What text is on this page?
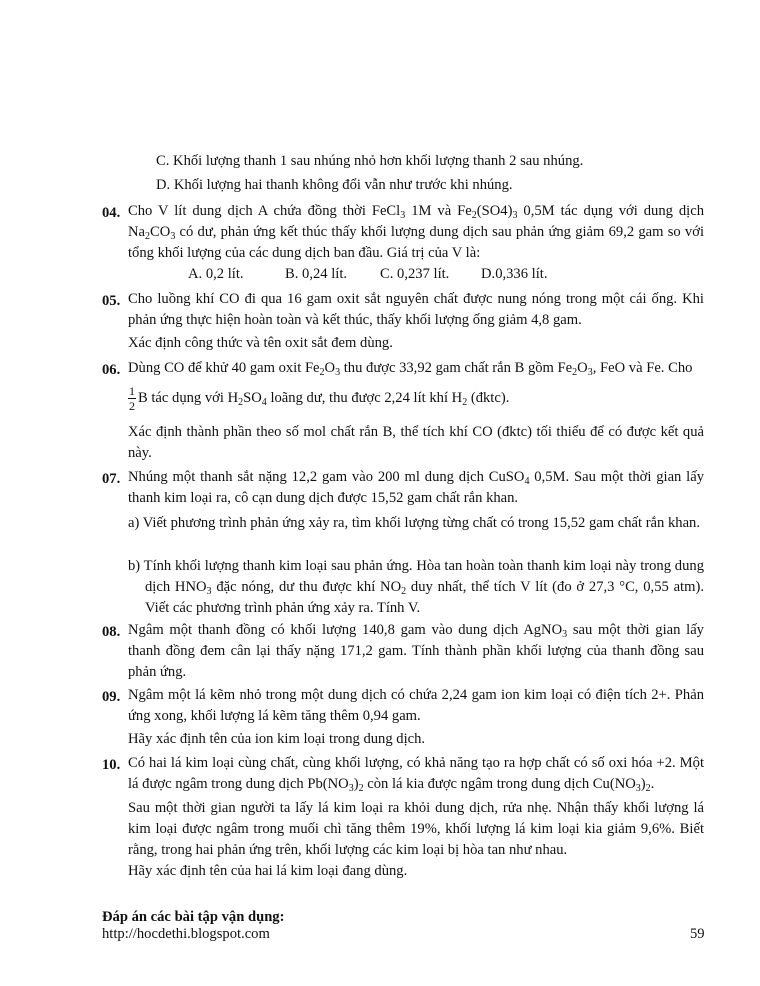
C. Khối lượng thanh 1 sau nhúng nhỏ hơn khối lượng thanh 2 sau nhúng.
D. Khối lượng hai thanh không đổi vẫn như trước khi nhúng.
04. Cho V lít dung dịch A chứa đồng thời FeCl$_3$ 1M và $Fe_2(SO4)_3$ 0,5M tác dụng với dung dịch $Na_2CO_3$ có dư, phản ứng kết thúc thấy khối lượng dung dịch sau phản ứng giảm 69,2 gam so với tổng khối lượng của các dung dịch ban đầu. Giá trị của V là:
A. 0,2 lít.	B. 0,24 lít. C. 0,237 lít. D.0,336 lít.
05. Cho luồng khí CO đi qua 16 gam oxit sắt nguyên chất được nung nóng trong một cái ống. Khi phản ứng thực hiện hoàn toàn và kết thúc, thấy khối lượng ống giảm 4,8 gam.
Xác định công thức và tên oxit sắt đem dùng.
06. Dùng CO để khử 40 gam oxit $Fe_2O_3$ thu được 33,92 gam chất rắn B gồm $Fe_2O_3$, FeO và Fe. Cho
$\frac{1}{2}$ B tác dụng với $H_2SO_4$ loãng dư, thu được 2,24 lít khí $H_2$ (đktc).
Xác định thành phần theo số mol chất rắn B, thể tích khí CO (đktc) tối thiểu để có được kết quả này.
07. Nhúng một thanh sắt nặng 12,2 gam vào 200 ml dung dịch CuSO$_4$ 0,5M. Sau một thời gian lấy thanh kim loại ra, cô cạn dung dịch được 15,52 gam chất rắn khan.
a) Viết phương trình phản ứng xảy ra, tìm khối lượng từng chất có trong 15,52 gam chất rắn khan.
b) Tính khối lượng thanh kim loại sau phản ứng. Hòa tan hoàn toàn thanh kim loại này trong dung dịch $HNO_3$ đặc nóng, dư thu được khí $NO_2$ duy nhất, thể tích V lít (đo ở 27,3 °C, 0,55 atm). Viết các phương trình phản ứng xảy ra. Tính V.
08. Ngâm một thanh đồng có khối lượng 140,8 gam vào dung dịch AgNO$_3$ sau một thời gian lấy thanh đồng đem cân lại thấy nặng 171,2 gam. Tính thành phần khối lượng của thanh đồng sau phản ứng.
09. Ngâm một lá kẽm nhỏ trong một dung dịch có chứa 2,24 gam ion kim loại có điện tích 2+. Phản ứng xong, khối lượng lá kẽm tăng thêm 0,94 gam.
Hãy xác định tên của ion kim loại trong dung dịch.
10. Có hai lá kim loại cùng chất, cùng khối lượng, có khả năng tạo ra hợp chất có số oxi hóa +2. Một lá được ngâm trong dung dịch $Pb(NO_3)_2$ còn lá kia được ngâm trong dung dịch $Cu(NO_3)_2$.
Sau một thời gian người ta lấy lá kim loại ra khỏi dung dịch, rửa nhẹ. Nhận thấy khối lượng lá kim loại được ngâm trong muối chì tăng thêm 19%, khối lượng lá kim loại kia giảm 9,6%. Biết rằng, trong hai phản ứng trên, khối lượng các kim loại bị hòa tan như nhau.
Hãy xác định tên của hai lá kim loại đang dùng.
Đáp án các bài tập vận dụng:
http://hocdethi.blogspot.com	59
